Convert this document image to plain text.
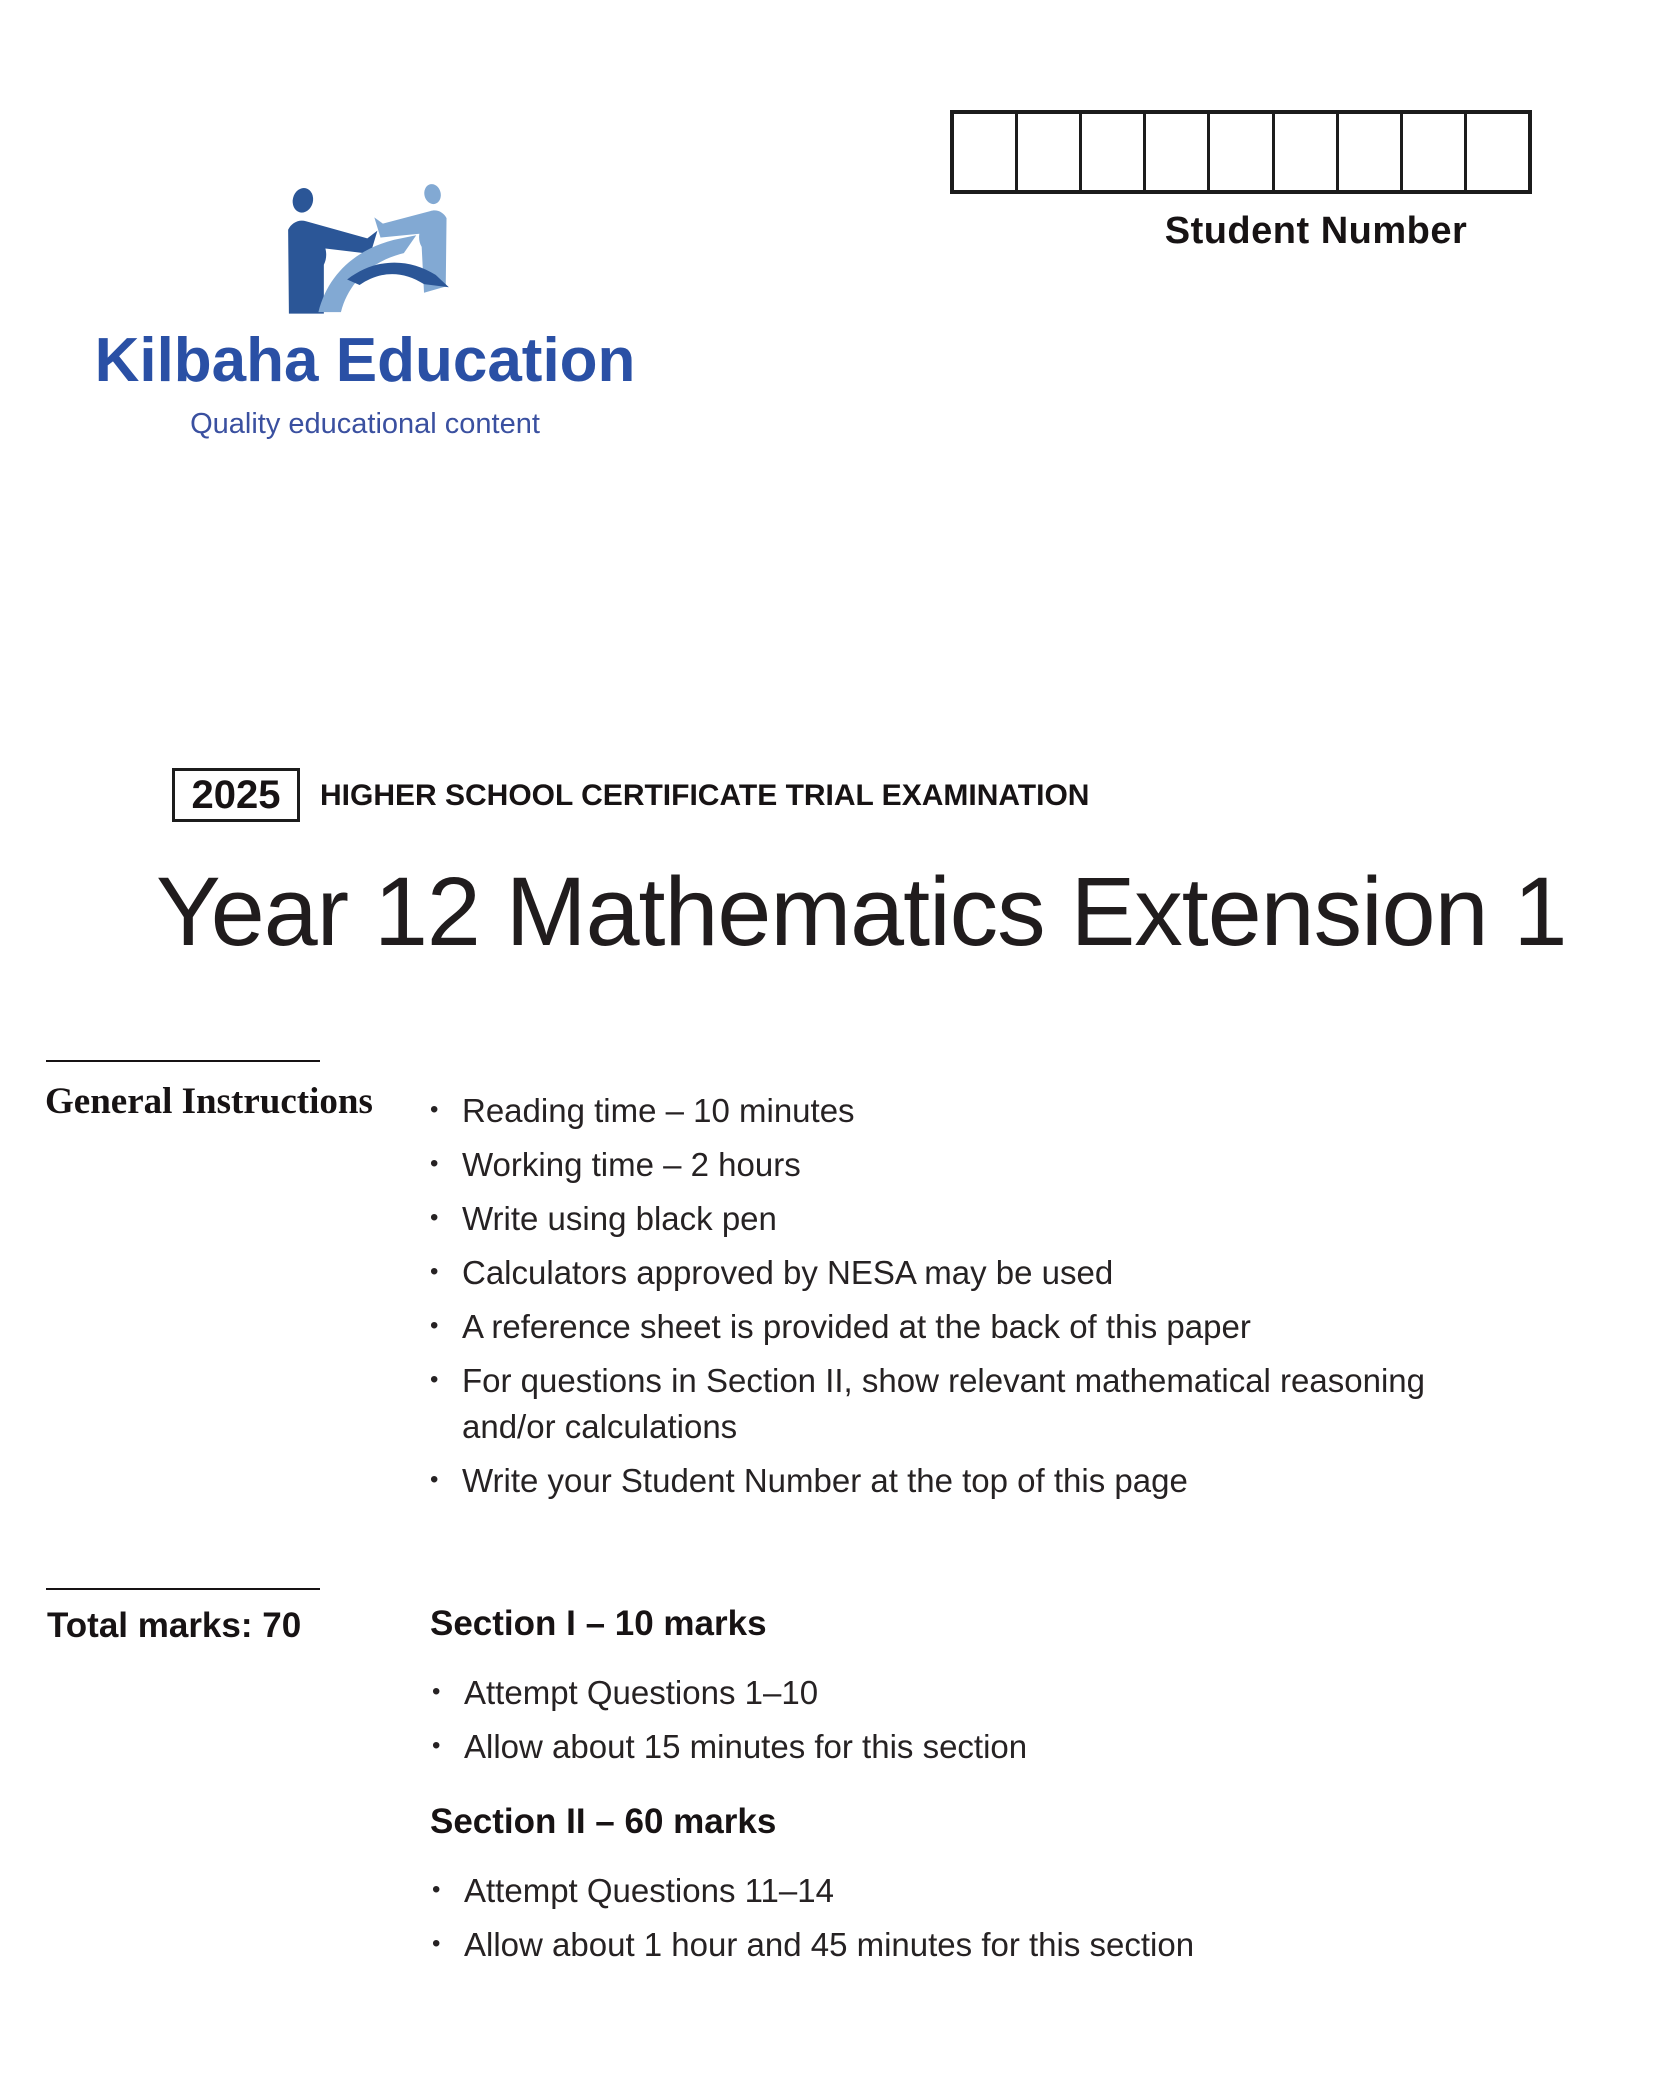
Student Number
Kilbaha Education
Quality educational content
2025 HIGHER SCHOOL CERTIFICATE TRIAL EXAMINATION
Year 12 Mathematics Extension 1
General Instructions • Reading time – 10 minutes
• Working time – 2 hours
• Write using black pen
• Calculators approved by NESA may be used
• A reference sheet is provided at the back of this paper
• For questions in Section II, show relevant mathematical reasoning and/or calculations
• Write your Student Number at the top of this page
Total marks: 70	Section I – 10 marks
• Attempt Questions 1–10
• Allow about 15 minutes for this section
Section II – 60 marks
• Attempt Questions 11–14
• Allow about 1 hour and 45 minutes for this section
